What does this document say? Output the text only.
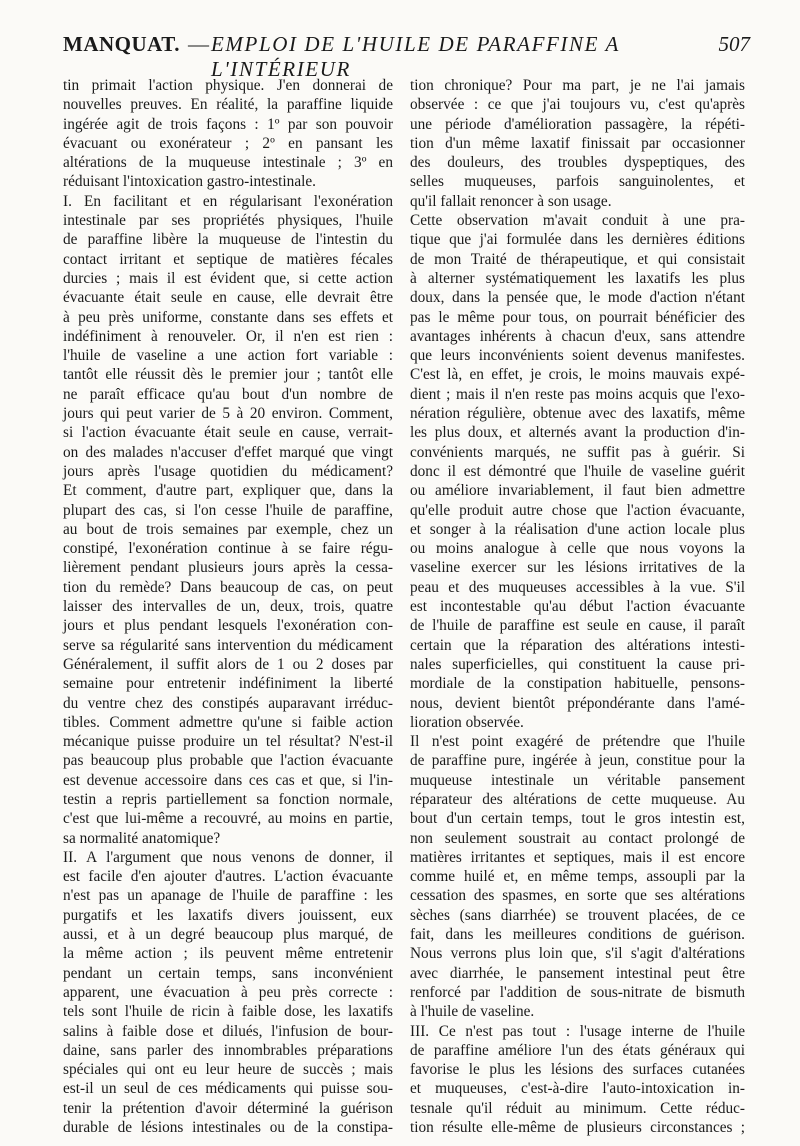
MANQUAT. — EMPLOI DE L'HUILE DE PARAFFINE A L'INTÉRIEUR
507

tin primait l'action physique. J'en donnerai de

nouvelles preuves. En réalité, la paraffine liquide

ingérée agit de trois façons : 1º par son pouvoir

évacuant ou exonérateur ; 2º en pansant les

altérations de la muqueuse intestinale ; 3º en

réduisant l'intoxication gastro-intestinale.

I. En facilitant et en régularisant l'exonération

intestinale par ses propriétés physiques, l'huile

de paraffine libère la muqueuse de l'intestin du

contact irritant et septique de matières fécales

durcies ; mais il est évident que, si cette action

évacuante était seule en cause, elle devrait être

à peu près uniforme, constante dans ses effets et

indéfiniment à renouveler. Or, il n'en est rien :

l'huile de vaseline a une action fort variable :

tantôt elle réussit dès le premier jour ; tantôt elle

ne paraît efficace qu'au bout d'un nombre de

jours qui peut varier de 5 à 20 environ. Comment,

si l'action évacuante était seule en cause, verrait-

on des malades n'accuser d'effet marqué que vingt

jours après l'usage quotidien du médicament?

Et comment, d'autre part, expliquer que, dans la

plupart des cas, si l'on cesse l'huile de paraffine,

au bout de trois semaines par exemple, chez un

constipé, l'exonération continue à se faire régu-

lièrement pendant plusieurs jours après la cessa-

tion du remède? Dans beaucoup de cas, on peut

laisser des intervalles de un, deux, trois, quatre

jours et plus pendant lesquels l'exonération con-

serve sa régularité sans intervention du médicament

Généralement, il suffit alors de 1 ou 2 doses par

semaine pour entretenir indéfiniment la liberté

du ventre chez des constipés auparavant irréduc-

tibles. Comment admettre qu'une si faible action

mécanique puisse produire un tel résultat? N'est-il

pas beaucoup plus probable que l'action évacuante

est devenue accessoire dans ces cas et que, si l'in-

testin a repris partiellement sa fonction normale,

c'est que lui-même a recouvré, au moins en partie,

sa normalité anatomique?

II. A l'argument que nous venons de donner, il

est facile d'en ajouter d'autres. L'action évacuante

n'est pas un apanage de l'huile de paraffine : les

purgatifs et les laxatifs divers jouissent, eux

aussi, et à un degré beaucoup plus marqué, de

la même action ; ils peuvent même entretenir

pendant un certain temps, sans inconvénient

apparent, une évacuation à peu près correcte :

tels sont l'huile de ricin à faible dose, les laxatifs

salins à faible dose et dilués, l'infusion de bour-

daine, sans parler des innombrables préparations

spéciales qui ont eu leur heure de succès ; mais

est-il un seul de ces médicaments qui puisse sou-

tenir la prétention d'avoir déterminé la guérison

durable de lésions intestinales ou de la constipa-

tion chronique? Pour ma part, je ne l'ai jamais

observée : ce que j'ai toujours vu, c'est qu'après

une période d'amélioration passagère, la répéti-

tion d'un même laxatif finissait par occasionner

des douleurs, des troubles dyspeptiques, des

selles muqueuses, parfois sanguinolentes, et

qu'il fallait renoncer à son usage.

Cette observation m'avait conduit à une pra-

tique que j'ai formulée dans les dernières éditions

de mon Traité de thérapeutique, et qui consistait

à alterner systématiquement les laxatifs les plus

doux, dans la pensée que, le mode d'action n'étant

pas le même pour tous, on pourrait bénéficier des

avantages inhérents à chacun d'eux, sans attendre

que leurs inconvénients soient devenus manifestes.

C'est là, en effet, je crois, le moins mauvais expé-

dient ; mais il n'en reste pas moins acquis que l'exo-

nération régulière, obtenue avec des laxatifs, même

les plus doux, et alternés avant la production d'in-

convénients marqués, ne suffit pas à guérir. Si

donc il est démontré que l'huile de vaseline guérit

ou améliore invariablement, il faut bien admettre

qu'elle produit autre chose que l'action évacuante,

et songer à la réalisation d'une action locale plus

ou moins analogue à celle que nous voyons la

vaseline exercer sur les lésions irritatives de la

peau et des muqueuses accessibles à la vue. S'il

est incontestable qu'au début l'action évacuante

de l'huile de paraffine est seule en cause, il paraît

certain que la réparation des altérations intesti-

nales superficielles, qui constituent la cause pri-

mordiale de la constipation habituelle, pensons-

nous, devient bientôt prépondérante dans l'amé-

lioration observée.

Il n'est point exagéré de prétendre que l'huile

de paraffine pure, ingérée à jeun, constitue pour la

muqueuse intestinale un véritable pansement

réparateur des altérations de cette muqueuse. Au

bout d'un certain temps, tout le gros intestin est,

non seulement soustrait au contact prolongé de

matières irritantes et septiques, mais il est encore

comme huilé et, en même temps, assoupli par la

cessation des spasmes, en sorte que ses altérations

sèches (sans diarrhée) se trouvent placées, de ce

fait, dans les meilleures conditions de guérison.

Nous verrons plus loin que, s'il s'agit d'altérations

avec diarrhée, le pansement intestinal peut être

renforcé par l'addition de sous-nitrate de bismuth

à l'huile de vaseline.

III. Ce n'est pas tout : l'usage interne de l'huile

de paraffine améliore l'un des états généraux qui

favorise le plus les lésions des surfaces cutanées

et muqueuses, c'est-à-dire l'auto-intoxication in-

tesnale qu'il réduit au minimum. Cette réduc-

tion résulte elle-même de plusieurs circonstances ;
